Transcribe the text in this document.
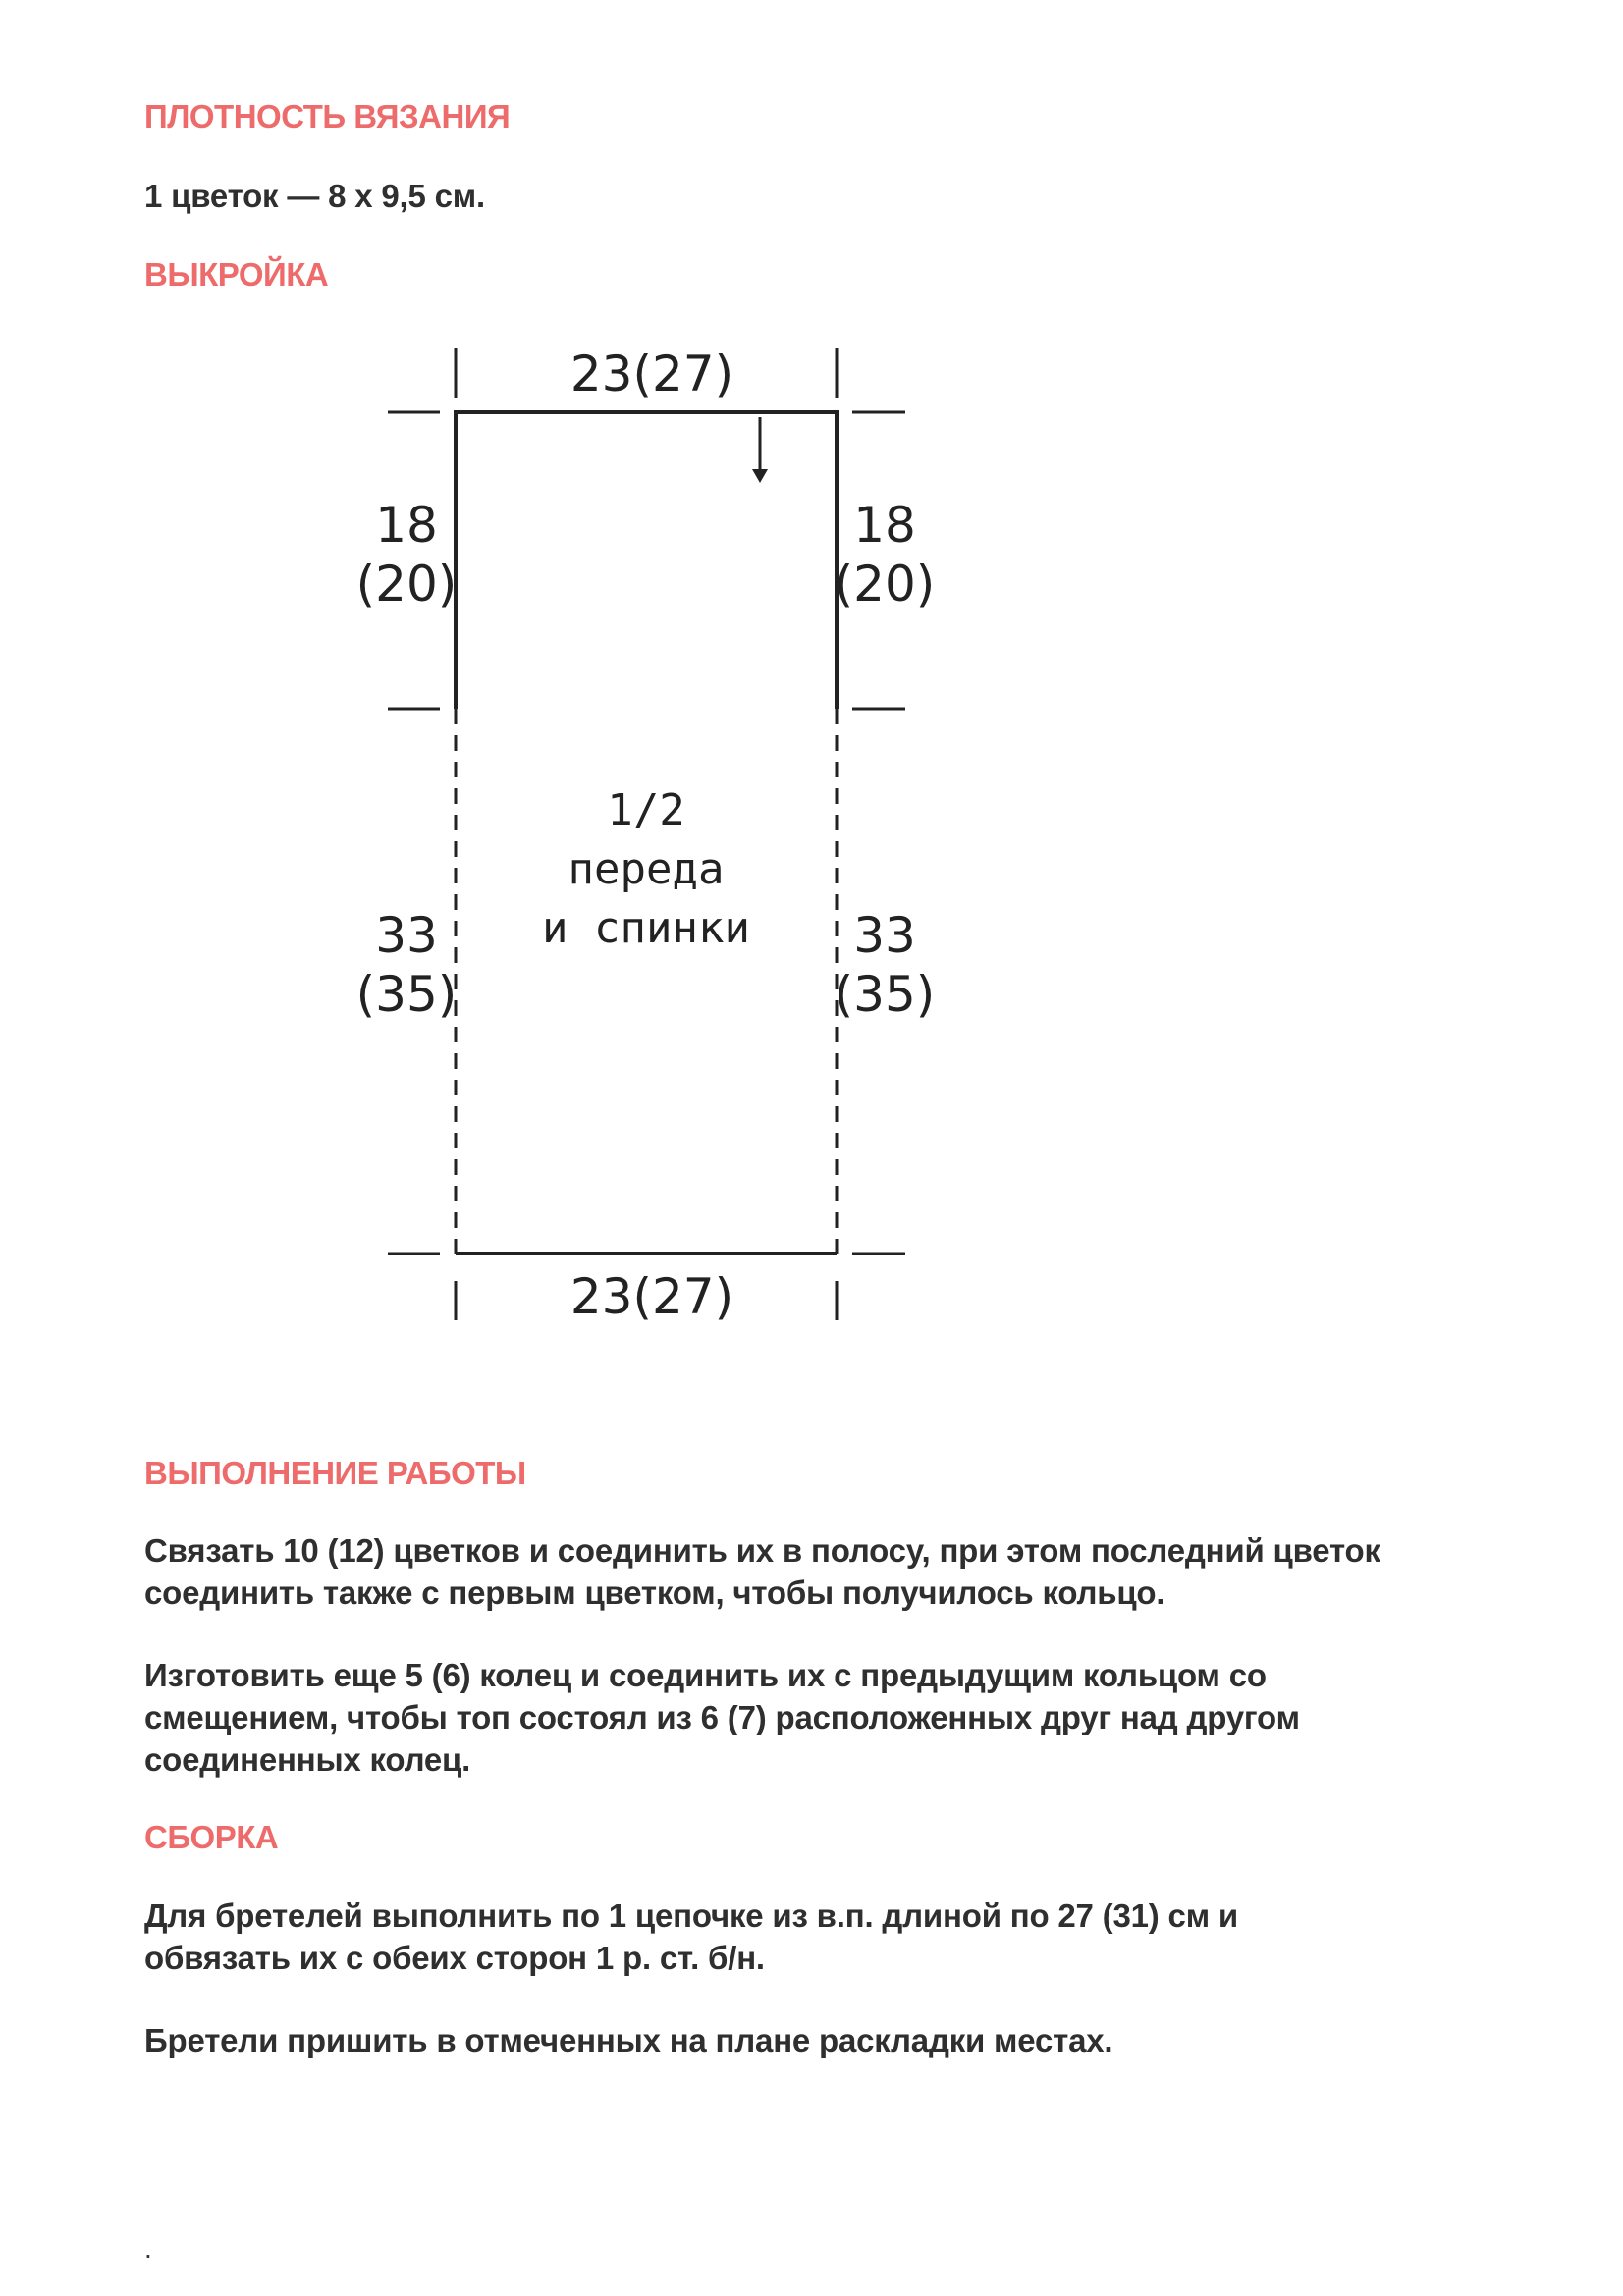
ПЛОТНОСТЬ ВЯЗАНИЯ

1 цветок — 8 х 9,5 см.

ВЫКРОЙКА

23(27)
23(27)
18
(20)
18
(20)
33
(35)
33
(35)
1/2
переда
и спинки

ВЫПОЛНЕНИЕ РАБОТЫ

Связать 10 (12) цветков и соединить их в полосу, при этом последний цветок
соединить также с первым цветком, чтобы получилось кольцо.

Изготовить еще 5 (6) колец и соединить их с предыдущим кольцом со
смещением, чтобы топ состоял из 6 (7) расположенных друг над другом
соединенных колец.

СБОРКА

Для бретелей выполнить по 1 цепочке из в.п. длиной по 27 (31) см и
обвязать их с обеих сторон 1 р. ст. б/н.

Бретели пришить в отмеченных на плане раскладки местах.

.
